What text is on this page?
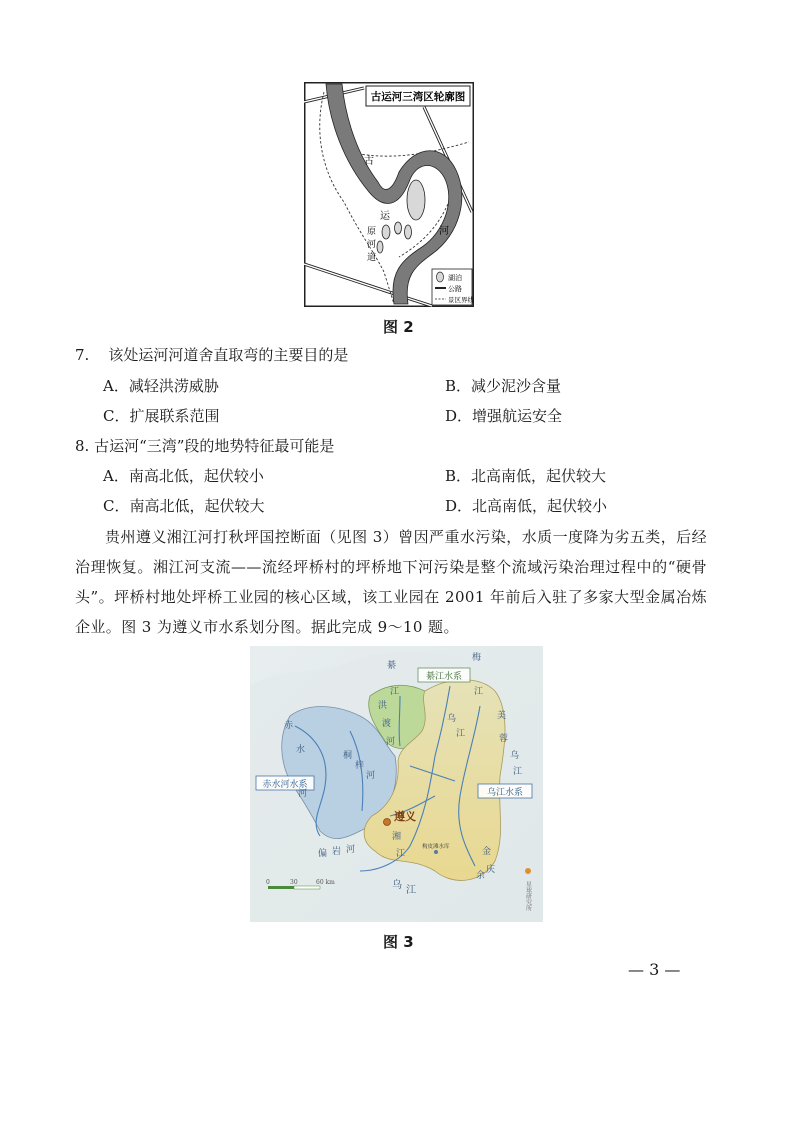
古运河三湾区轮廓图
古
运
河
原
河
道
湖泊
公路
景区界线
图 2
7. 该处运河河道舍直取弯的主要目的是
A．减轻洪涝威胁	B．减少泥沙含量
C．扩展联系范围	D．增强航运安全
8. 古运河“三湾”段的地势特征最可能是
A．南高北低，起伏较小	B．北高南低，起伏较大
C．南高北低，起伏较大	D．北高南低，起伏较小
贵州遵义湘江河打秋坪国控断面（见图 3）曾因严重水污染，水质一度降为劣五类，后经治理恢复。湘江河支流——流经坪桥村的坪桥地下河污染是整个流域污染治理过程中的“硬骨头”。坪桥村地处坪桥工业园的核心区域，该工业园在 2001 年前后入驻了多家大型金属冶炼企业。图 3 为遵义市水系划分图。据此完成 9～10 题。
綦江水系
赤水河水系
乌江水系
遵义
綦
江
梅
江
美
蓉
赤
水
桐
梓
河
河
洪
渡
河
乌
江
乌
江
湘
江
偏 岩 河
余
庆
金
乌 江
构皮滩水库
0	30	60 km	星球研究所
图 3
— 3 —
